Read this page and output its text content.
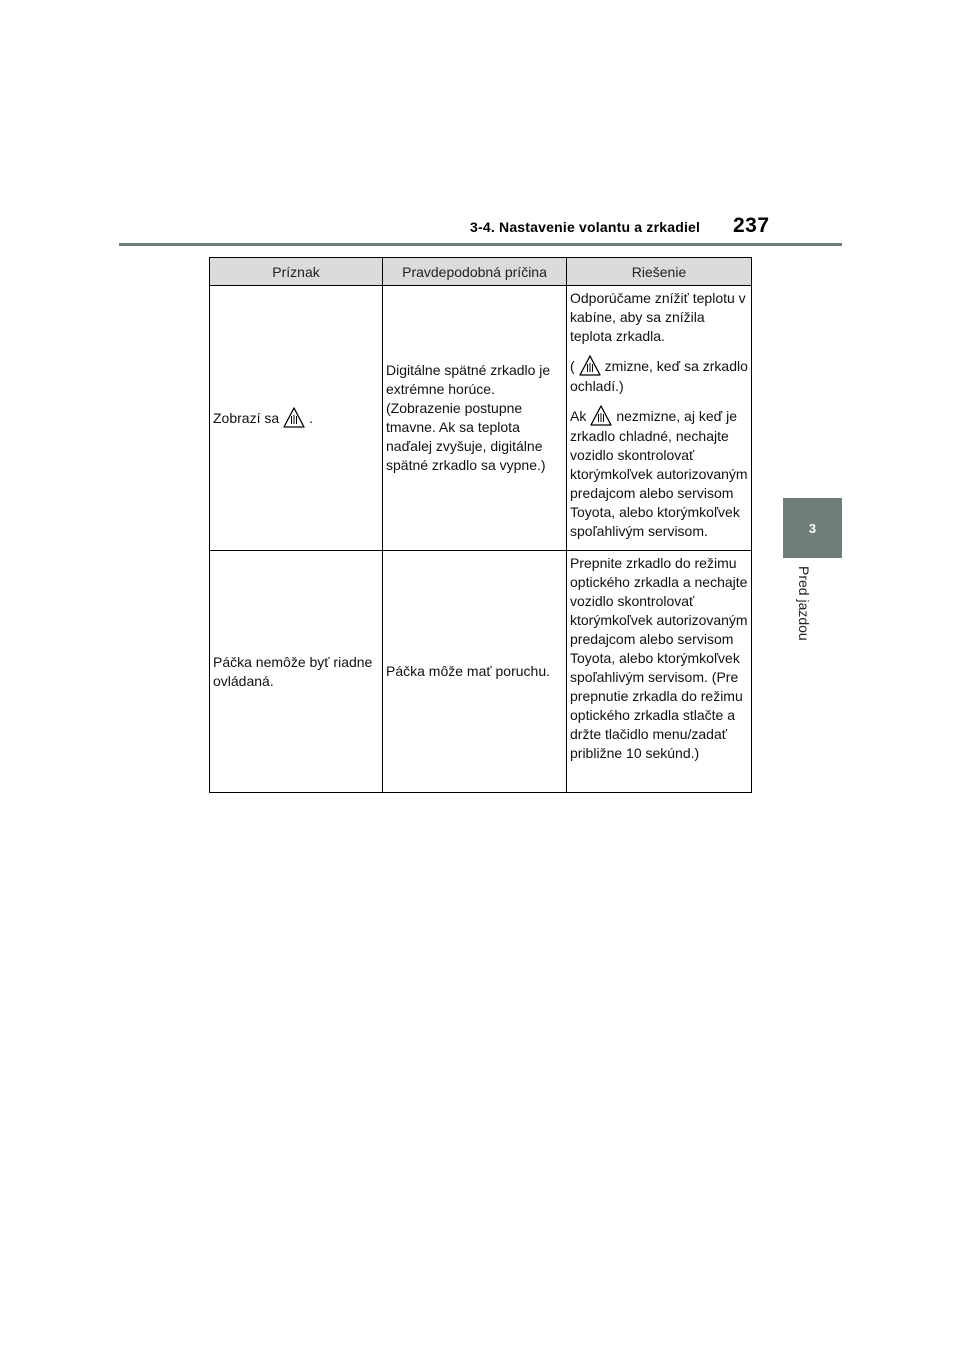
3-4. Nastavenie volantu a zrkadiel 237
3
Pred jazdou
Príznak	Pravdepodobná príčina	Riešenie
Zobrazí sa .	Digitálne spätné zrkadlo je extrémne horúce. (Zobrazenie postupne tmavne. Ak sa teplota naďalej zvyšuje, digitálne spätné zrkadlo sa vypne.)	Odporúčame znížiť teplotu v kabíne, aby sa znížila teplota zrkadla.

( zmizne, keď sa zrkadlo ochladí.)

Ak nezmizne, aj keď je zrkadlo chladné, nechajte vozidlo skontrolovať ktorýmkoľvek autorizovaným predajcom alebo servisom Toyota, alebo ktorýmkoľvek spoľahlivým servisom.

Páčka nemôže byť riadne ovládaná.	Páčka môže mať poruchu.	Prepnite zrkadlo do režimu optického zrkadla a nechajte vozidlo skontrolovať ktorýmkoľvek autorizovaným predajcom alebo servisom Toyota, alebo ktorýmkoľvek spoľahlivým servisom. (Pre prepnutie zrkadla do režimu optického zrkadla stlačte a držte tlačidlo menu/zadať približne 10 sekúnd.)
